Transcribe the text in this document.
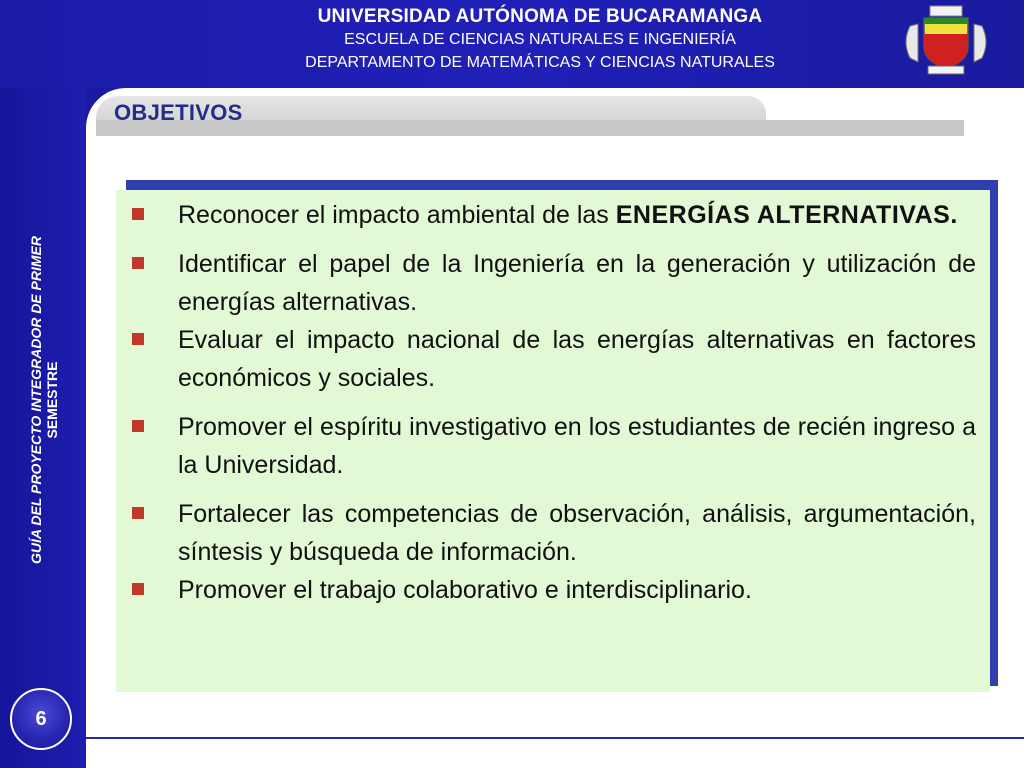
UNIVERSIDAD AUTÓNOMA DE BUCARAMANGA
ESCUELA DE CIENCIAS NATURALES E INGENIERÍA
DEPARTAMENTO DE MATEMÁTICAS Y CIENCIAS NATURALES
GUÍA DEL PROYECTO INTEGRADOR DE PRIMER SEMESTRE
OBJETIVOS
Reconocer el impacto ambiental de las ENERGÍAS ALTERNATIVAS.
Identificar el papel de la Ingeniería en la generación y utilización de energías alternativas.
Evaluar el impacto nacional de las energías alternativas en factores económicos y sociales.
Promover el espíritu investigativo en los estudiantes de recién ingreso a la Universidad.
Fortalecer las competencias de observación, análisis, argumentación, síntesis y búsqueda de información.
Promover el trabajo colaborativo e interdisciplinario.
6
